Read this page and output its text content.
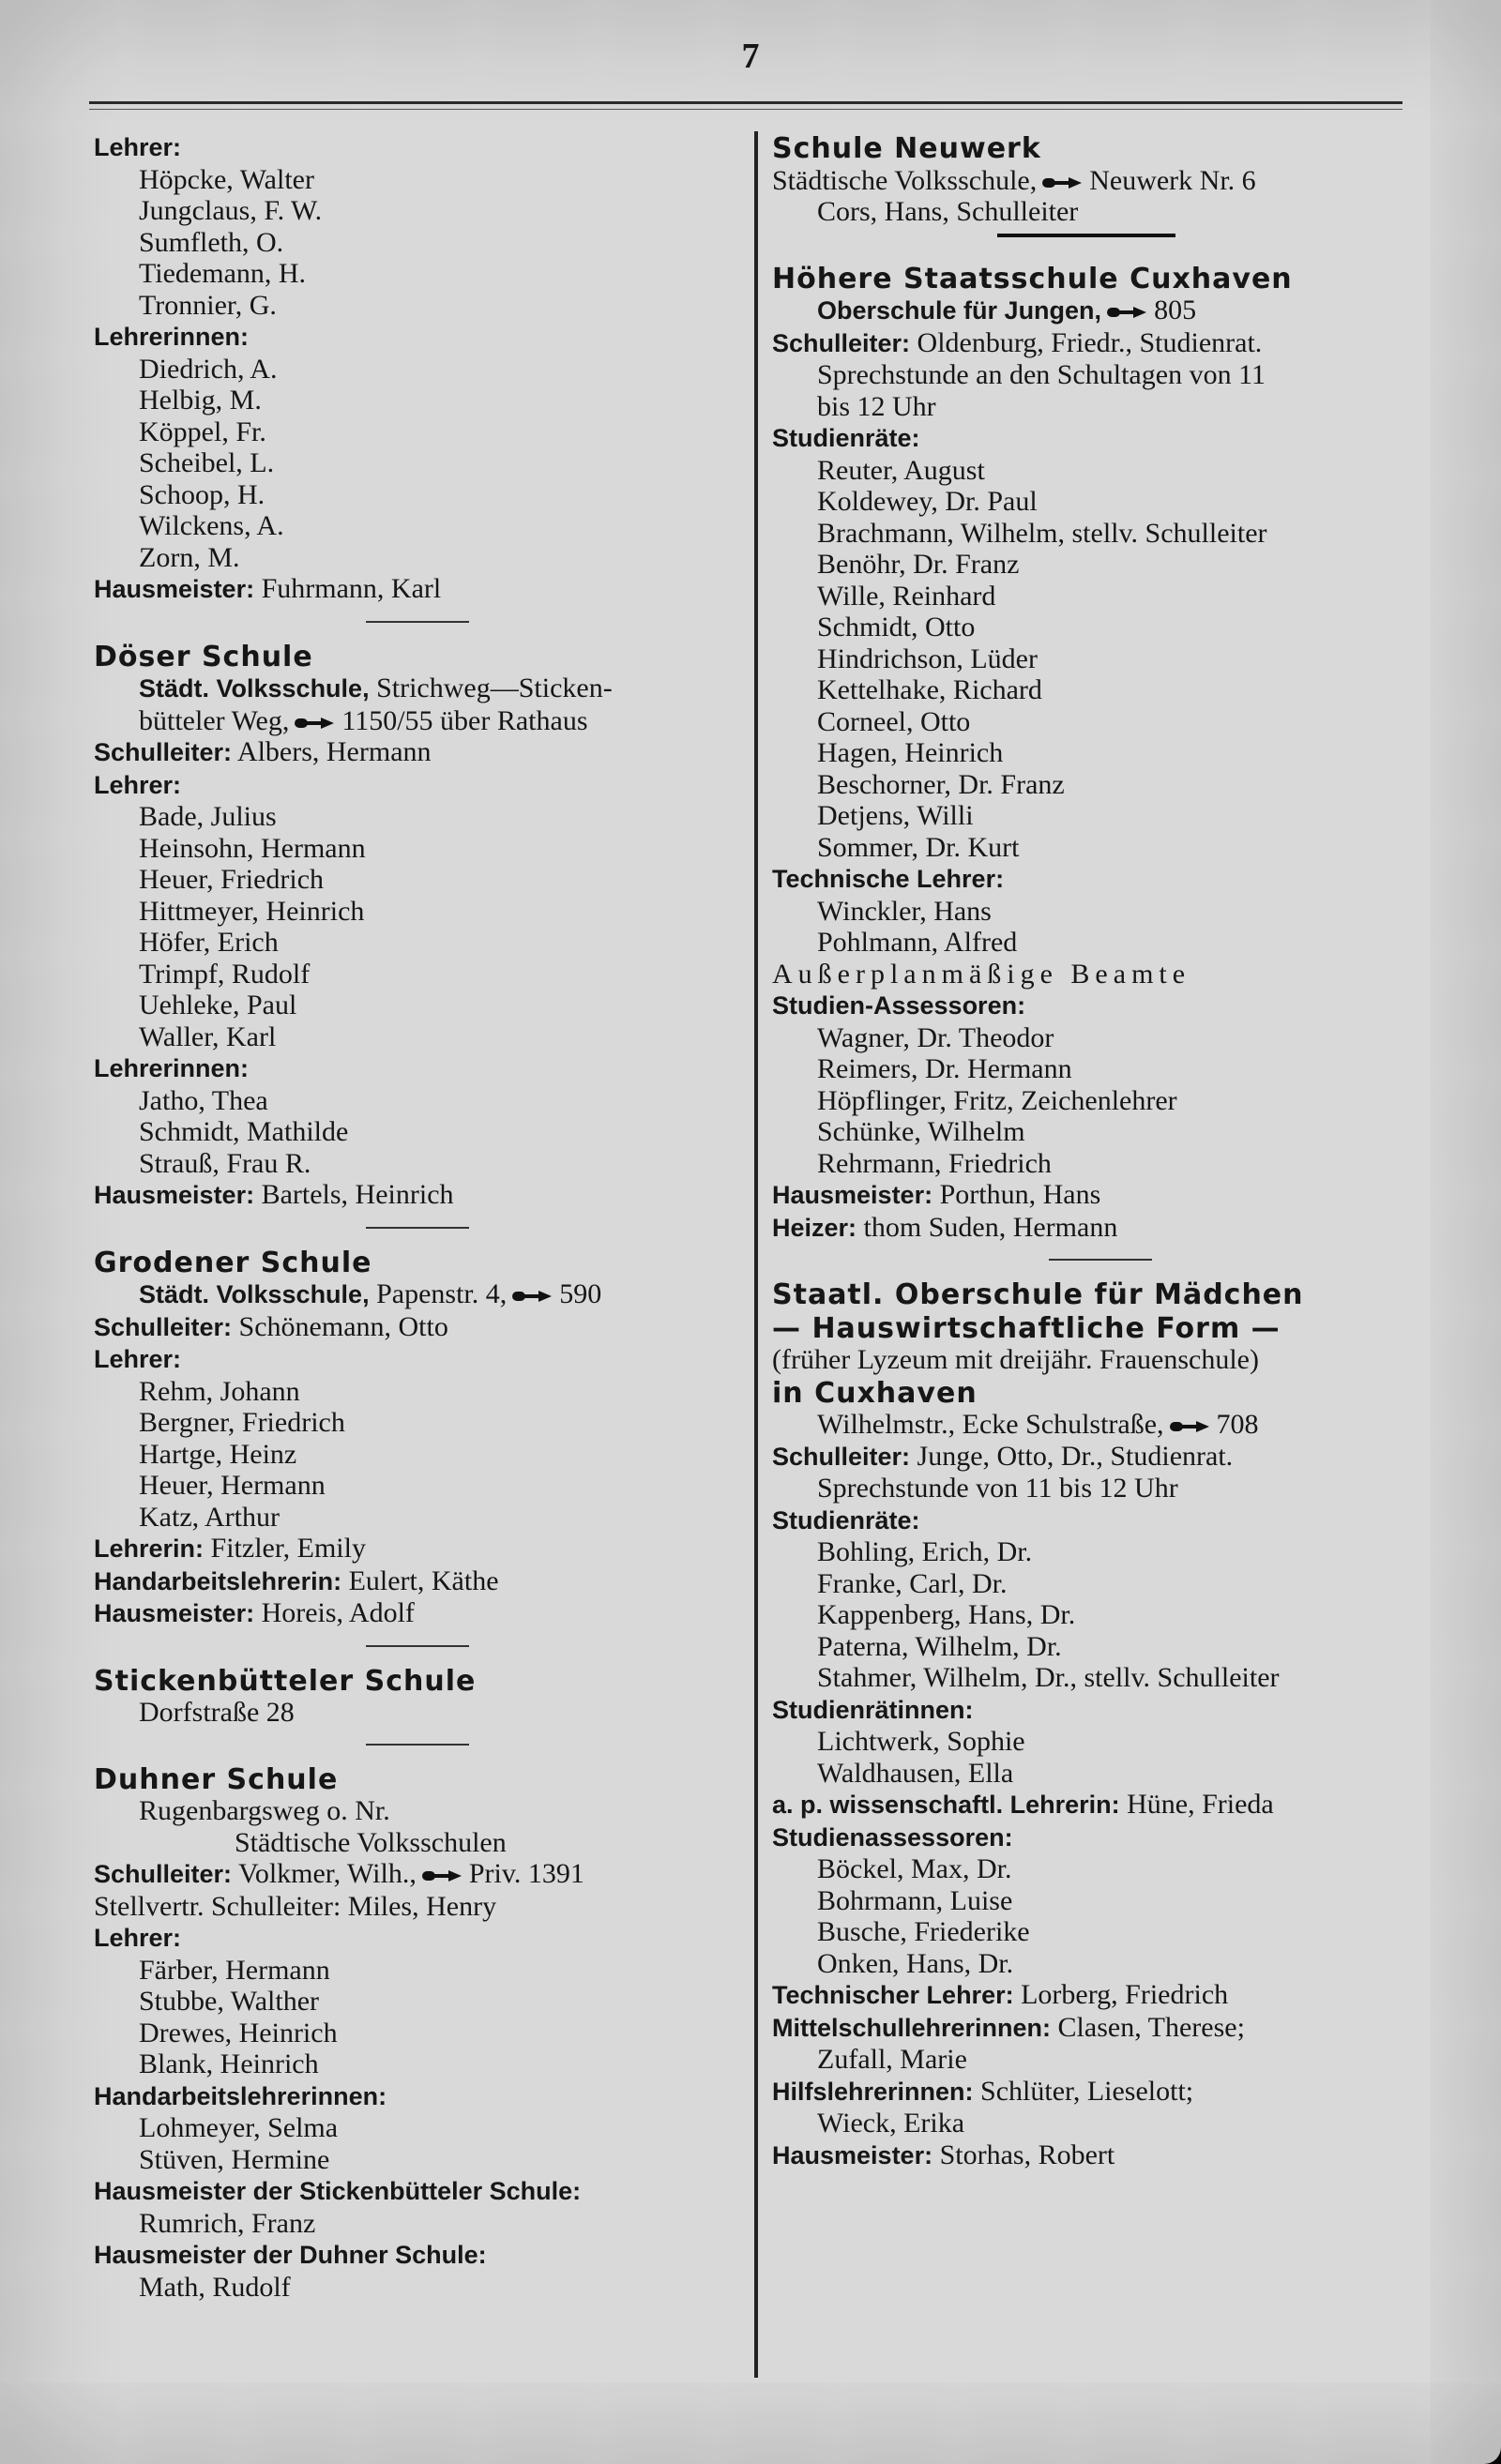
7
Lehrer:
Höpcke, Walter
Jungclaus, F. W.
Sumfleth, O.
Tiedemann, H.
Tronnier, G.
Lehrerinnen:
Diedrich, A.
Helbig, M.
Köppel, Fr.
Scheibel, L.
Schoop, H.
Wilckens, A.
Zorn, M.
Hausmeister: Fuhrmann, Karl
Döser Schule
Städt. Volksschule, Strichweg—Sticken-
bütteler Weg, 1150/55 über Rathaus
Schulleiter: Albers, Hermann
Lehrer:
Bade, Julius
Heinsohn, Hermann
Heuer, Friedrich
Hittmeyer, Heinrich
Höfer, Erich
Trimpf, Rudolf
Uehleke, Paul
Waller, Karl
Lehrerinnen:
Jatho, Thea
Schmidt, Mathilde
Strauß, Frau R.
Hausmeister: Bartels, Heinrich
Grodener Schule
Städt. Volksschule, Papenstr. 4, 590
Schulleiter: Schönemann, Otto
Lehrer:
Rehm, Johann
Bergner, Friedrich
Hartge, Heinz
Heuer, Hermann
Katz, Arthur
Lehrerin: Fitzler, Emily
Handarbeitslehrerin: Eulert, Käthe
Hausmeister: Horeis, Adolf
Stickenbütteler Schule
Dorfstraße 28
Duhner Schule
Rugenbargsweg o. Nr.
Städtische Volksschulen
Schulleiter: Volkmer, Wilh., Priv. 1391
Stellvertr. Schulleiter: Miles, Henry
Lehrer:
Färber, Hermann
Stubbe, Walther
Drewes, Heinrich
Blank, Heinrich
Handarbeitslehrerinnen:
Lohmeyer, Selma
Stüven, Hermine
Hausmeister der Stickenbütteler Schule:
Rumrich, Franz
Hausmeister der Duhner Schule:
Math, Rudolf
Schule Neuwerk
Städtische Volksschule, Neuwerk Nr. 6
Cors, Hans, Schulleiter
Höhere Staatsschule Cuxhaven
Oberschule für Jungen, 805
Schulleiter: Oldenburg, Friedr., Studienrat.
Sprechstunde an den Schultagen von 11
bis 12 Uhr
Studienräte:
Reuter, August
Koldewey, Dr. Paul
Brachmann, Wilhelm, stellv. Schulleiter
Benöhr, Dr. Franz
Wille, Reinhard
Schmidt, Otto
Hindrichson, Lüder
Kettelhake, Richard
Corneel, Otto
Hagen, Heinrich
Beschorner, Dr. Franz
Detjens, Willi
Sommer, Dr. Kurt
Technische Lehrer:
Winckler, Hans
Pohlmann, Alfred
Außerplanmäßige Beamte
Studien-Assessoren:
Wagner, Dr. Theodor
Reimers, Dr. Hermann
Höpflinger, Fritz, Zeichenlehrer
Schünke, Wilhelm
Rehrmann, Friedrich
Hausmeister: Porthun, Hans
Heizer: thom Suden, Hermann
Staatl. Oberschule für Mädchen
— Hauswirtschaftliche Form —
(früher Lyzeum mit dreijähr. Frauenschule)
in Cuxhaven
Wilhelmstr., Ecke Schulstraße, 708
Schulleiter: Junge, Otto, Dr., Studienrat.
Sprechstunde von 11 bis 12 Uhr
Studienräte:
Bohling, Erich, Dr.
Franke, Carl, Dr.
Kappenberg, Hans, Dr.
Paterna, Wilhelm, Dr.
Stahmer, Wilhelm, Dr., stellv. Schulleiter
Studienrätinnen:
Lichtwerk, Sophie
Waldhausen, Ella
a. p. wissenschaftl. Lehrerin: Hüne, Frieda
Studienassessoren:
Böckel, Max, Dr.
Bohrmann, Luise
Busche, Friederike
Onken, Hans, Dr.
Technischer Lehrer: Lorberg, Friedrich
Mittelschullehrerinnen: Clasen, Therese;
Zufall, Marie
Hilfslehrerinnen: Schlüter, Lieselott;
Wieck, Erika
Hausmeister: Storhas, Robert
